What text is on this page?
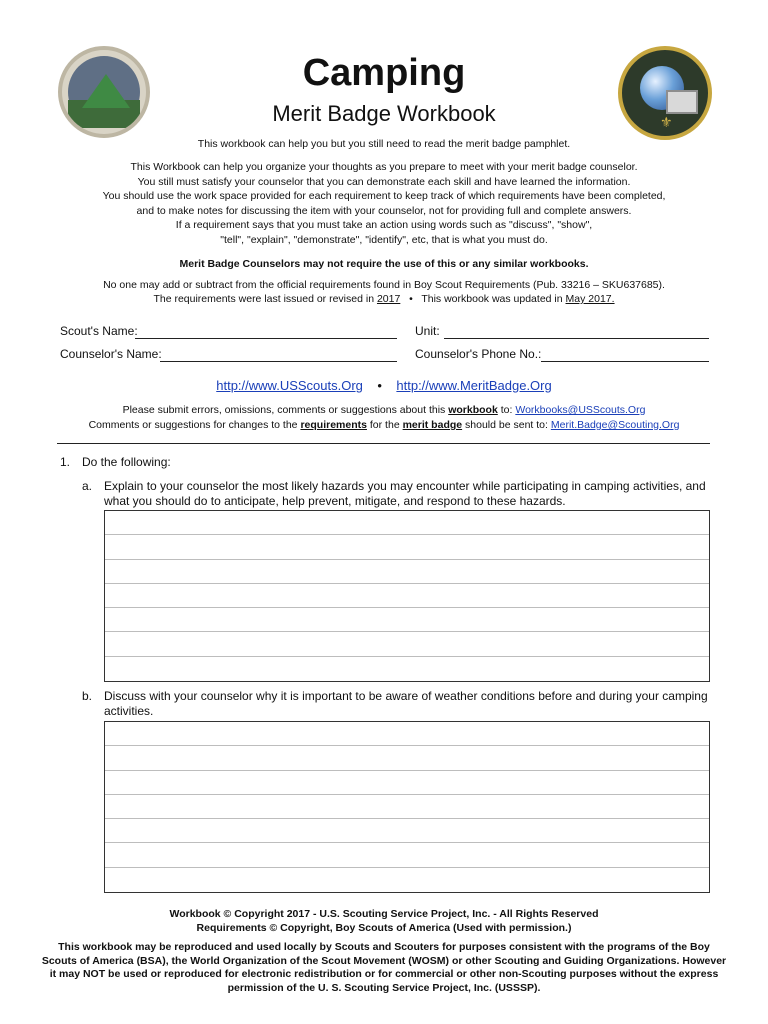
⚜
Camping
Merit Badge Workbook
This workbook can help you but you still need to read the merit badge pamphlet.
This Workbook can help you organize your thoughts as you prepare to meet with your merit badge counselor.
You still must satisfy your counselor that you can demonstrate each skill and have learned the information.
You should use the work space provided for each requirement to keep track of which requirements have been completed,
and to make notes for discussing the item with your counselor, not for providing full and complete answers.
If a requirement says that you must take an action using words such as "discuss", "show",
"tell", "explain", "demonstrate", "identify", etc, that is what you must do.
Merit Badge Counselors may not require the use of this or any similar workbooks.
No one may add or subtract from the official requirements found in Boy Scout Requirements (Pub. 33216 – SKU637685).
The requirements were last issued or revised in 2017 • This workbook was updated in May 2017.
Scout's Name:	Unit:
Counselor's Name:	Counselor's Phone No.:
http://www.USScouts.Org • http://www.MeritBadge.Org
Please submit errors, omissions, comments or suggestions about this workbook to: Workbooks@USScouts.Org
Comments or suggestions for changes to the requirements for the merit badge should be sent to: Merit.Badge@Scouting.Org
1. Do the following:
a. Explain to your counselor the most likely hazards you may encounter while participating in camping activities, and what you should do to anticipate, help prevent, mitigate, and respond to these hazards.
b. Discuss with your counselor why it is important to be aware of weather conditions before and during your camping activities.
Workbook © Copyright 2017 - U.S. Scouting Service Project, Inc. - All Rights Reserved
Requirements © Copyright, Boy Scouts of America (Used with permission.)
This workbook may be reproduced and used locally by Scouts and Scouters for purposes consistent with the programs of the Boy Scouts of America (BSA), the World Organization of the Scout Movement (WOSM) or other Scouting and Guiding Organizations. However it may NOT be used or reproduced for electronic redistribution or for commercial or other non-Scouting purposes without the express permission of the U. S. Scouting Service Project, Inc. (USSSP).
